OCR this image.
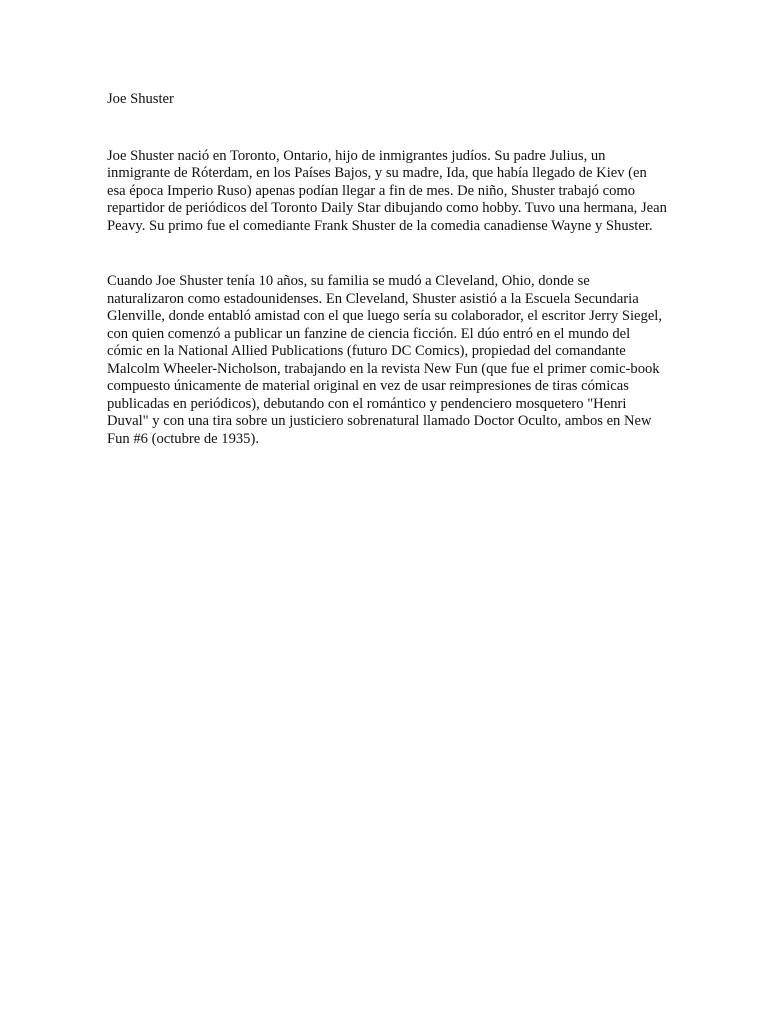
Joe Shuster

Joe Shuster nació en Toronto, Ontario, hijo de inmigrantes judíos. Su padre Julius, un inmigrante de Róterdam, en los Países Bajos, y su madre, Ida, que había llegado de Kiev (en esa época Imperio Ruso) apenas podían llegar a fin de mes. De niño, Shuster trabajó como repartidor de periódicos del Toronto Daily Star dibujando como hobby. Tuvo una hermana, Jean Peavy. Su primo fue el comediante Frank Shuster de la comedia canadiense Wayne y Shuster.

Cuando Joe Shuster tenía 10 años, su familia se mudó a Cleveland, Ohio, donde se naturalizaron como estadounidenses. En Cleveland, Shuster asistió a la Escuela Secundaria Glenville, donde entabló amistad con el que luego sería su colaborador, el escritor Jerry Siegel, con quien comenzó a publicar un fanzine de ciencia ficción. El dúo entró en el mundo del cómic en la National Allied Publications (futuro DC Comics), propiedad del comandante Malcolm Wheeler-Nicholson, trabajando en la revista New Fun (que fue el primer comic-book compuesto únicamente de material original en vez de usar reimpresiones de tiras cómicas publicadas en periódicos), debutando con el romántico y pendenciero mosquetero "Henri Duval" y con una tira sobre un justiciero sobrenatural llamado Doctor Oculto, ambos en New Fun #6 (octubre de 1935).
